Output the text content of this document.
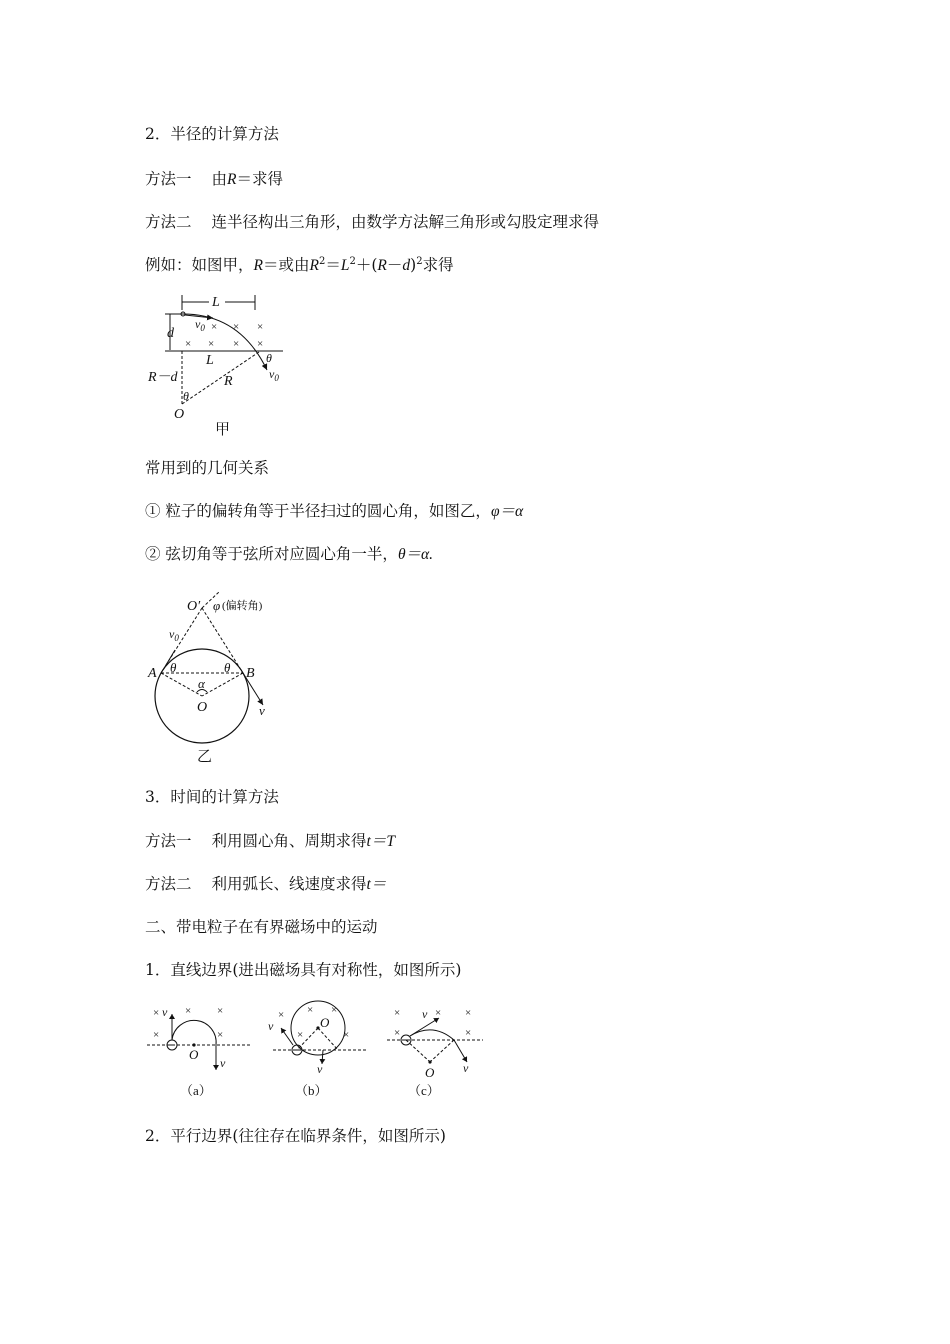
2．半径的计算方法
方法一 由R＝求得
方法二 连半径构出三角形，由数学方法解三角形或勾股定理求得
例如：如图甲，R＝或由$R^2=L^2+(R-d)^2$求得
L
d	× × ×
× × × ×
$v_0$
θ
$v_0$
L
R－d	R
θ
O
甲
常用到的几何关系
① 粒子的偏转角等于半径扫过的圆心角，如图乙，φ＝α
② 弦切角等于弦所对应圆心角一半，θ＝α.
O′ φ (偏转角)
$v_0$
A θ	θ B
α
O	v
乙
3．时间的计算方法
方法一 利用圆心角、周期求得t＝T
方法二 利用弧长、线速度求得t＝
二、带电粒子在有界磁场中的运动
1．直线边界(进出磁场具有对称性，如图所示)
× × ×
×	×
v
v
O
（a）
× × ×
×	×
v	O
v
（b）
×	× ×
×	×
v
v
O
（c）
2．平行边界(往往存在临界条件，如图所示)
